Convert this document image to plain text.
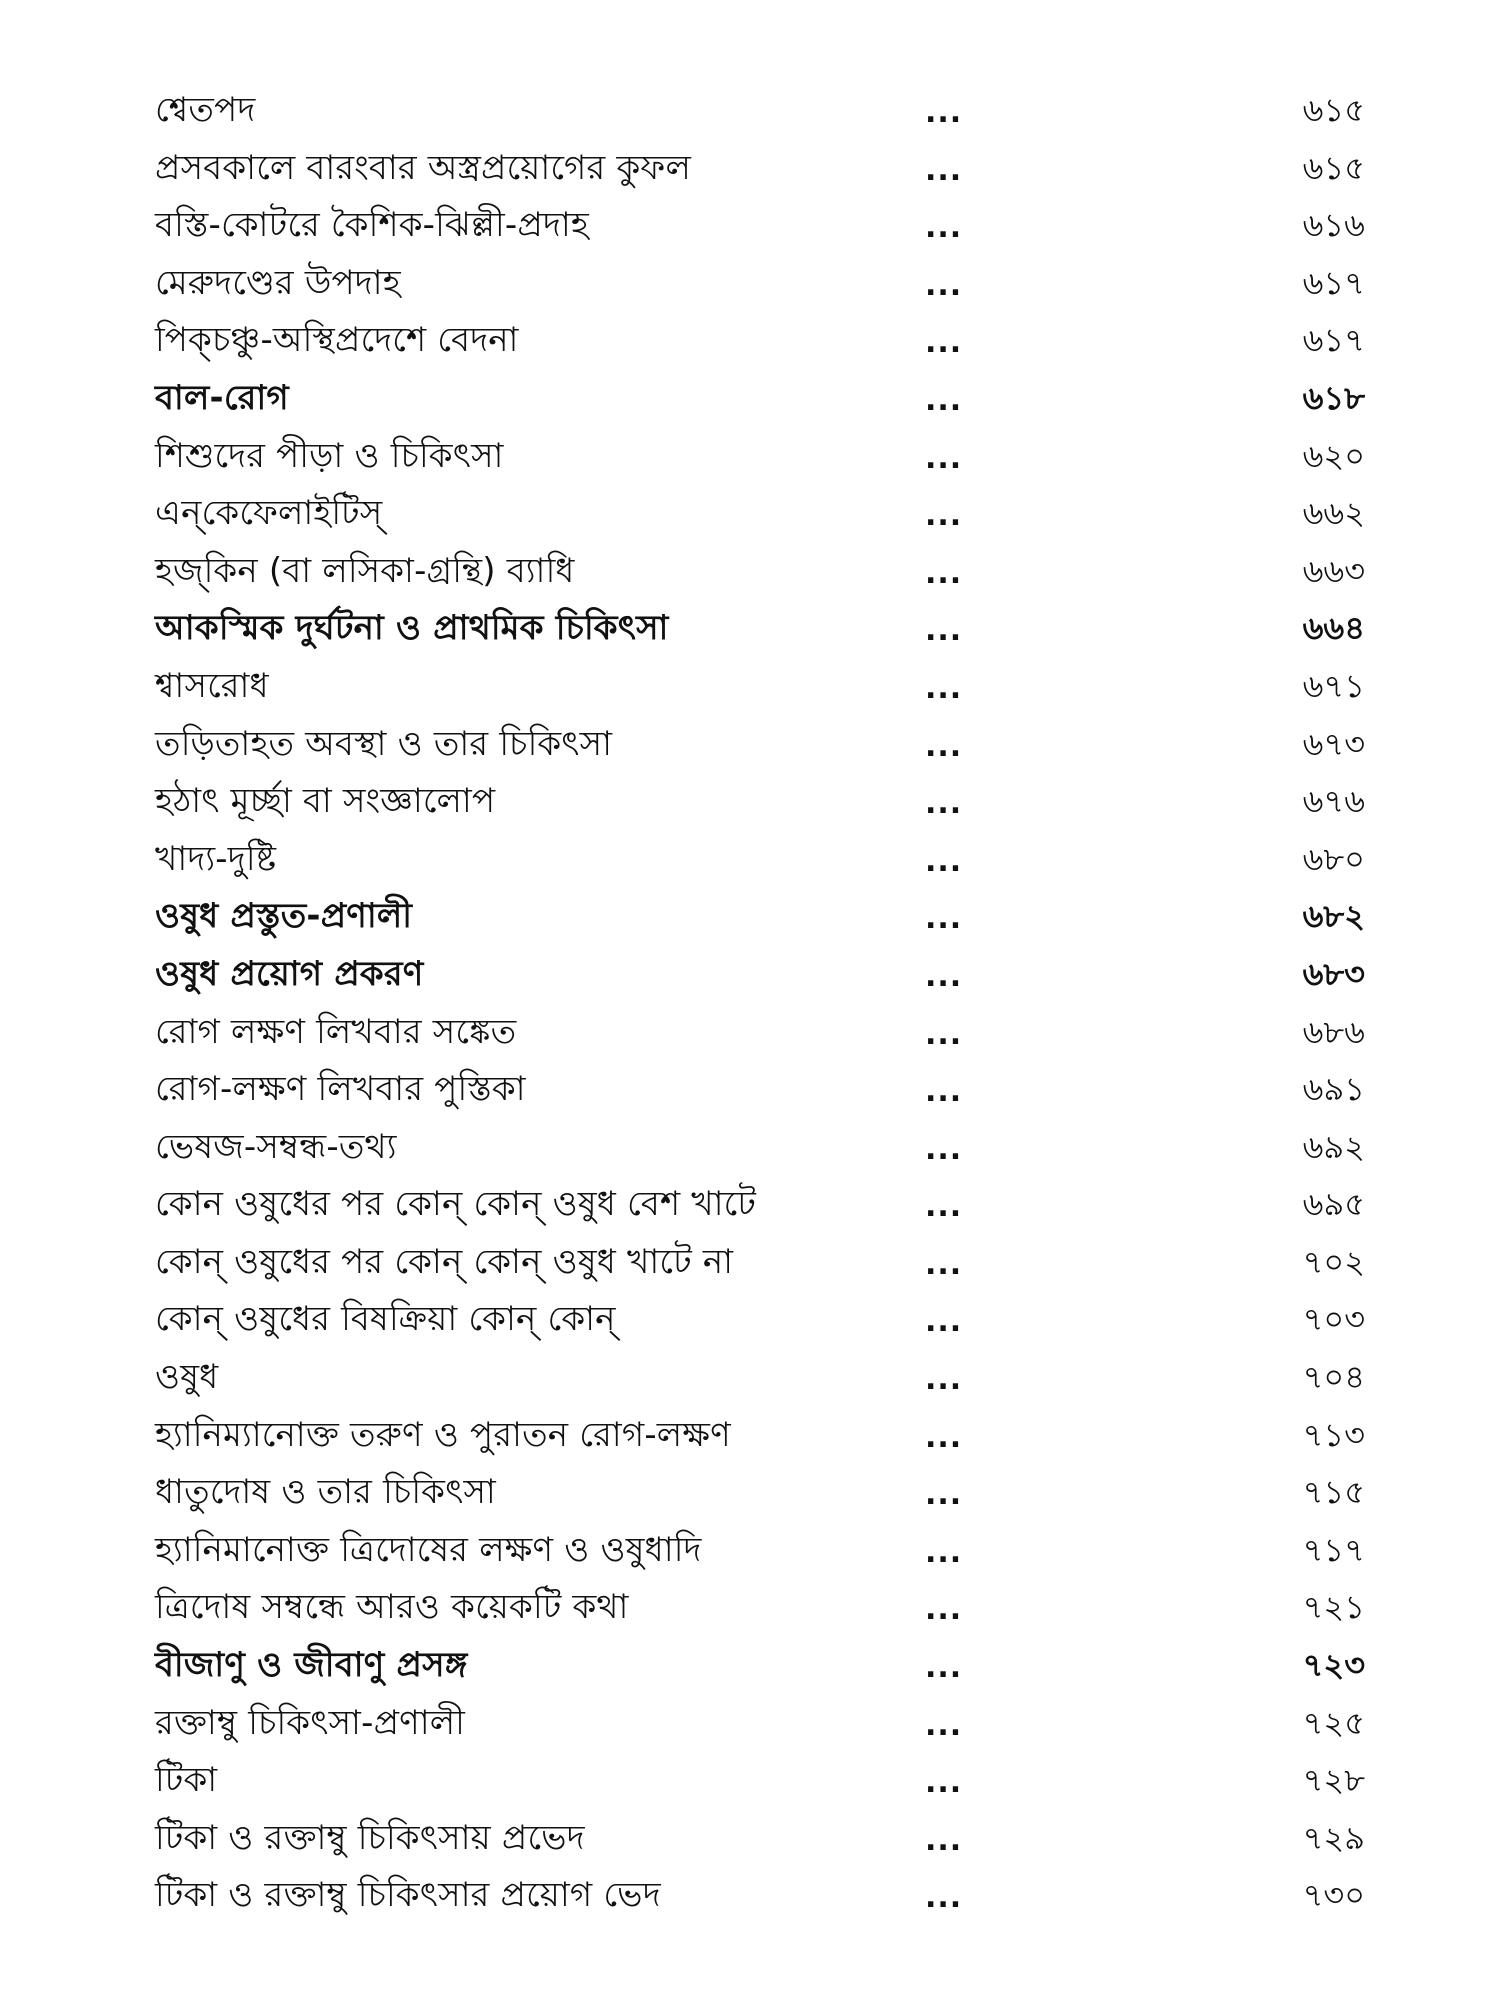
শ্বেতপদ	...	৬১৫
প্রসবকালে বারংবার অস্ত্রপ্রয়োগের কুফল	...	৬১৫
বস্তি-কোটরে কৈশিক-ঝিল্লী-প্রদাহ	...	৬১৬
মেরুদণ্ডের উপদাহ	...	৬১৭
পিক্‌চঞ্চু-অস্থিপ্রদেশে বেদনা	...	৬১৭
বাল-রোগ	...	৬১৮
শিশুদের পীড়া ও চিকিৎসা	...	৬২০
এন্‌কেফেলাইটিস্‌	...	৬৬২
হজ্‌কিন (বা লসিকা-গ্রন্থি) ব্যাধি	...	৬৬৩
আকস্মিক দুর্ঘটনা ও প্রাথমিক চিকিৎসা	...	৬৬৪
শ্বাসরোধ	...	৬৭১
তড়িতাহত অবস্থা ও তার চিকিৎসা	...	৬৭৩
হঠাৎ মূর্চ্ছা বা সংজ্ঞালোপ	...	৬৭৬
খাদ্য-দুষ্টি	...	৬৮০
ওষুধ প্রস্তুত-প্রণালী	...	৬৮২
ওষুধ প্রয়োগ প্রকরণ	...	৬৮৩
রোগ লক্ষণ লিখবার সঙ্কেত	...	৬৮৬
রোগ-লক্ষণ লিখবার পুস্তিকা	...	৬৯১
ভেষজ-সম্বন্ধ-তথ্য	...	৬৯২
কোন ওষুধের পর কোন্‌ কোন্‌ ওষুধ বেশ খাটে	...	৬৯৫
কোন্‌ ওষুধের পর কোন্‌ কোন্‌ ওষুধ খাটে না	...	৭০২
কোন্‌ ওষুধের বিষক্রিয়া কোন্‌ কোন্‌	...	৭০৩
ওষুধ	...	৭০৪
হ্যানিম্যানোক্ত তরুণ ও পুরাতন রোগ-লক্ষণ	...	৭১৩
ধাতুদোষ ও তার চিকিৎসা	...	৭১৫
হ্যানিমানোক্ত ত্রিদোষের লক্ষণ ও ওষুধাদি	...	৭১৭
ত্রিদোষ সম্বন্ধে আরও কয়েকটি কথা	...	৭২১
বীজাণু ও জীবাণু প্রসঙ্গ	...	৭২৩
রক্তাম্বু চিকিৎসা-প্রণালী	...	৭২৫
টিকা	...	৭২৮
টিকা ও রক্তাম্বু চিকিৎসায় প্রভেদ	...	৭২৯
টিকা ও রক্তাম্বু চিকিৎসার প্রয়োগ ভেদ	...	৭৩০
